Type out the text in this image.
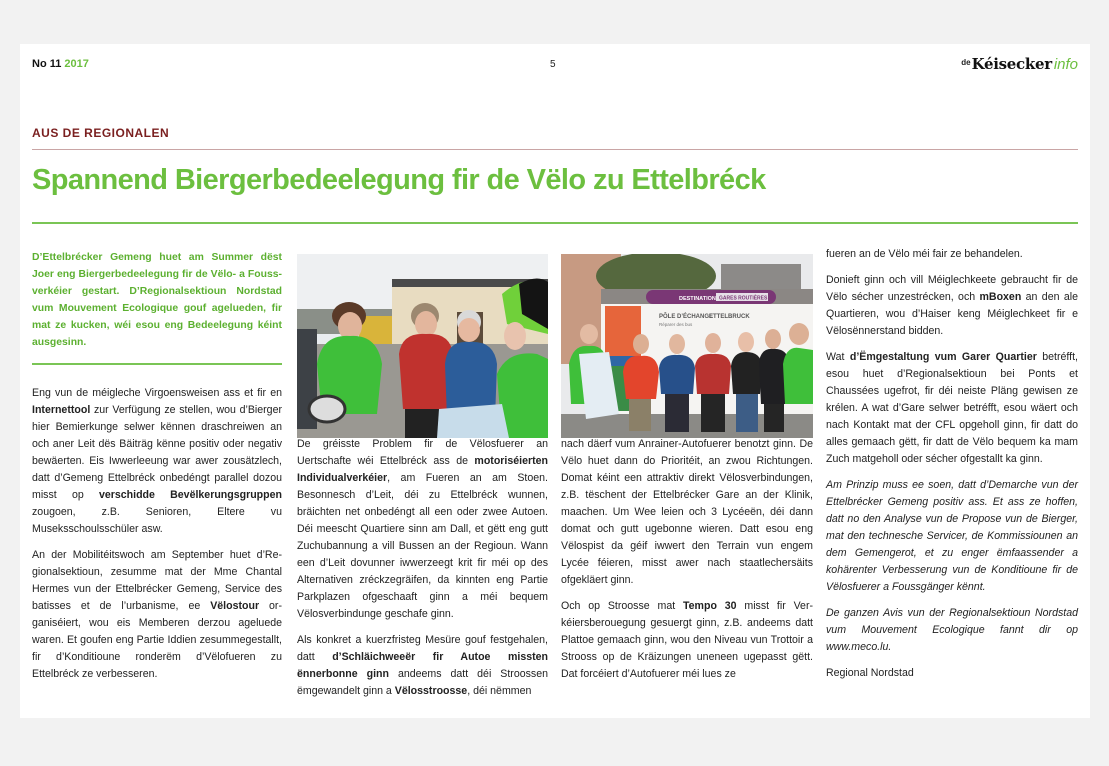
No 11 2017	5	$^{de}$Kéisecker info
AUS DE REGIONALEN
Spannend Biergerbedeelegung fir de Vëlo zu Ettelbréck

D’Ettelbrécker Gemeng huet am Summer dëst Joer eng Biergerbedeelegung fir de Vëlo- a Foussverkéier gestart. D’Regionalsektioun Nordstad vum Mouvement Ecologique gouf agelueden, fir mat ze kucken, wéi esou eng Bedeelegung kéint ausgesinn.

Eng vun de méigleche Virgoensweisen ass et fir en Internettool zur Verfügung ze stellen, wou d’Bierger hier Bemierkunge selwer kënnen draschreiwen an och aner Leit dës Bäiträg kënne positiv oder negativ bewäerten. Eis Iwwerleeung war awer zousätzlech, datt d’Gemeng Ettelbréck onbedéngt parallel dozou misst op verschidde Bevëlkerungsgruppen zougoen, z.B. Senioren, Eltere vu Museksschoulsschüler asw.

An der Mobilitéitswoch am September huet d’Regionalsektioun, zesumme mat der Mme Chantal Hermes vun der Ettelbrécker Gemeng, Service des batisses et de l’urbanisme, ee Vëlostour organiséiert, wou eis Memberen derzou ageluede waren. Et goufen eng Partie Iddien zesummegestallt, fir d’Konditioune ronderëm d’Vëlofueren zu Ettelbréck ze verbesseren.

DESTINATION GARES ROUTIÈRES
PÔLE D’ÉCHANGE
ETTELBRUCK
Réparer des bus

De gréisste Problem fir de Vëlosfuerer an Uertschafte wéi Ettelbréck ass de motoriséierten Individualverkéier, am Fueren an am Stoen. Besonnesch d’Leit, déi zu Ettelbréck wunnen, bräichten net onbedéngt all een oder zwee Autoen. Déi meescht Quartiere sinn am Dall, et gëtt eng gutt Zuchubannung a vill Bussen an der Regioun. Wann een d’Leit dovunner iwwerzeegt krit fir méi op des Alternativen zréckzegräifen, da kinnten eng Partie Parkplazen ofgeschaaft ginn a méi bequem Vëlosverbindunge geschafe ginn.

Als konkret a kuerzfristeg Mesüre gouf festgehalen, datt d’Schläichweeër fir Autoe missten ënnerbonne ginn andeems datt déi Stroossen ëmgewandelt ginn a Vëlosstroosse, déi nëmmen

nach däerf vum Anrainer-Autofuerer benotzt ginn. De Vëlo huet dann do Prioritéit, an zwou Richtungen. Domat kéint een attraktiv direkt Vëlosverbindungen, z.B. tëschent der Ettelbrécker Gare an der Klinik, maachen. Um Wee leien och 3 Lycéeën, déi dann domat och gutt ugebonne wieren. Datt esou eng Vëlospist da géif iwwert den Terrain vun engem Lycée féieren, misst awer nach staatlechersäits ofgekläert ginn.

Och op Stroosse mat Tempo 30 misst fir Verkéiersberouegung gesuergt ginn, z.B. andeems datt Plattoe gemaach ginn, wou den Niveau vun Trottoir a Strooss op de Kräizungen uneneen ugepasst gëtt. Dat forcéiert d’Autofuerer méi lues ze

fueren an de Vëlo méi fair ze behandelen.

Donieft ginn och vill Méiglechkeete gebraucht fir de Vëlo sécher unzestrécken, och mBoxen an den ale Quartieren, wou d’Haiser keng Méiglechkeet fir e Vëlosënnerstand bidden.

Wat d’Ëmgestaltung vum Garer Quartier betréfft, esou huet d’Regionalsektioun bei Ponts et Chaussées ugefrot, fir déi neiste Pläng gewisen ze krélen. A wat d’Gare selwer betréfft, esou wäert och nach Kontakt mat der CFL opgeholl ginn, fir datt do alles gemaach gëtt, fir datt de Vëlo bequem ka mam Zuch matgeholl oder sécher ofgestallt ka ginn.

Am Prinzip muss ee soen, datt d’Demarche vun der Ettelbrécker Gemeng positiv ass. Et ass ze hoffen, datt no den Analyse vun de Propose vun de Bierger, mat den technesche Servicer, de Kommissiounen an dem Gemengerot, et zu enger ëmfaassender a kohärenter Verbesserung vun de Konditioune fir de Vëlosfuerer a Foussgänger kënnt.

De ganzen Avis vun der Regionalsektioun Nordstad vum Mouvement Ecologique fannt dir op www.meco.lu.

Regional Nordstad
